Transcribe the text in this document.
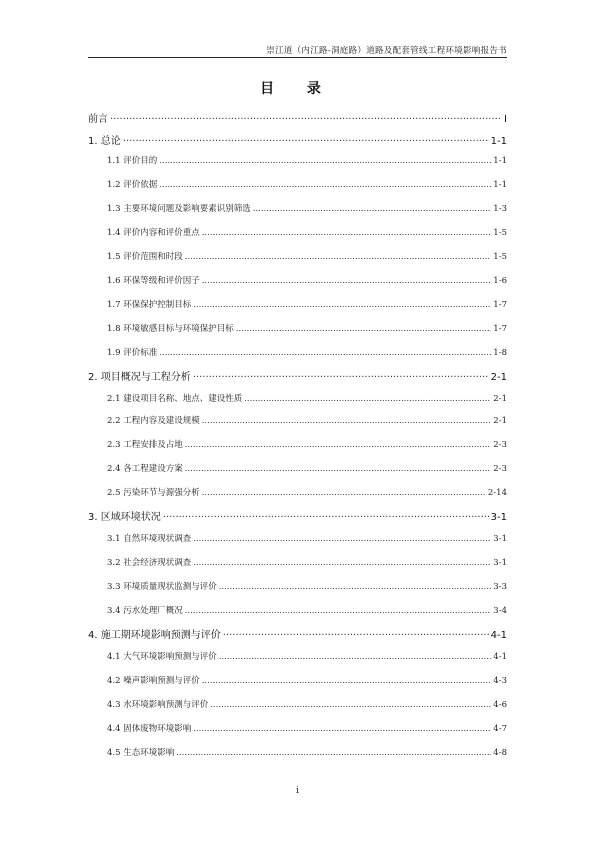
崇江道（内江路-洞庭路）道路及配套管线工程环境影响报告书
目 录
前言 ·····	I
1. 总论 ·····	1-1
1.1 评价目的 .....	1-1
1.2 评价依据 .....	1-1
1.3 主要环境问题及影响要素识别筛选 .....	1-3
1.4 评价内容和评价重点 .....	1-5
1.5 评价范围和时段 .....	1-5
1.6 环保等级和评价因子 .....	1-6
1.7 环保保护控制目标 .....	1-7
1.8 环境敏感目标与环境保护目标 .....	1-7
1.9 评价标准 .....	1-8
2. 项目概况与工程分析 ·····	2-1
2.1 建设项目名称、地点、建设性质 .....	2-1
2.2 工程内容及建设规模 .....	2-1
2.3 工程安排及占地 .....	2-3
2.4 各工程建设方案 .....	2-3
2.5 污染环节与源强分析 .....	2-14
3. 区域环境状况 ·····	3-1
3.1 自然环境现状调查 .....	3-1
3.2 社会经济现状调查 .....	3-1
3.3 环境质量现状监测与评价 .....	3-3
3.4 污水处理厂概况 .....	3-4
4. 施工期环境影响预测与评价 ·····	4-1
4.1 大气环境影响预测与评价 .....	4-1
4.2 噪声影响预测与评价 .....	4-3
4.3 水环境影响预测与评价 .....	4-6
4.4 固体废物环境影响 .....	4-7
4.5 生态环境影响 .....	4-8
i
